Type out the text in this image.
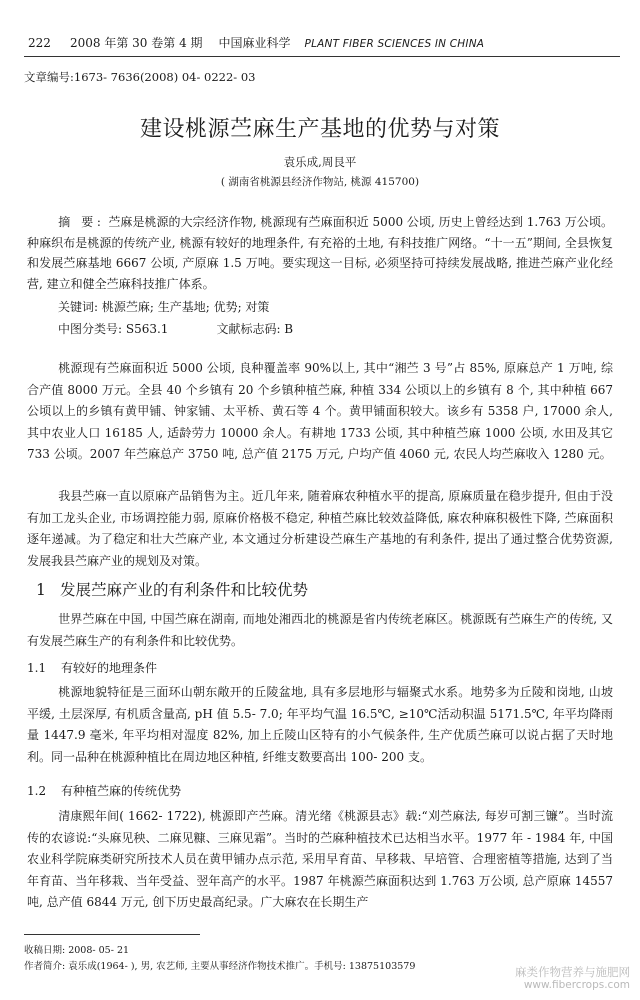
222	2008 年第 30 卷第 4 期 中国麻业科学 PLANT FIBER SCIENCES IN CHINA
文章编号:1673- 7636(2008) 04- 0222- 03
建设桃源苎麻生产基地的优势与对策
袁乐成,周艮平
( 湖南省桃源县经济作物站, 桃源 415700)

摘 要: 苎麻是桃源的大宗经济作物, 桃源现有苎麻面积近 5000 公顷, 历史上曾经达到 1.763 万公顷。种麻织布是桃源的传统产业, 桃源有较好的地理条件, 有充裕的土地, 有科技推广网络。“十一五”期间, 全县恢复和发展苎麻基地 6667 公顷, 产原麻 1.5 万吨。要实现这一目标, 必须坚持可持续发展战略, 推进苎麻产业化经营, 建立和健全苎麻科技推广体系。

关键词: 桃源苎麻; 生产基地; 优势; 对策
中图分类号: S563.1	文献标志码: B

桃源现有苎麻面积近 5000 公顷, 良种覆盖率 90%以上, 其中“湘苎 3 号”占 85%, 原麻总产 1 万吨, 综合产值 8000 万元。全县 40 个乡镇有 20 个乡镇种植苎麻, 种植 334 公顷以上的乡镇有 8 个, 其中种植 667 公顷以上的乡镇有黄甲铺、钟家铺、太平桥、黄石等 4 个。黄甲铺面积较大。该乡有 5358 户, 17000 余人, 其中农业人口 16185 人, 适龄劳力 10000 余人。有耕地 1733 公顷, 其中种植苎麻 1000 公顷, 水田及其它 733 公顷。2007 年苎麻总产 3750 吨, 总产值 2175 万元, 户均产值 4060 元, 农民人均苎麻收入 1280 元。

我县苎麻一直以原麻产品销售为主。近几年来, 随着麻农种植水平的提高, 原麻质量在稳步提升, 但由于没有加工龙头企业, 市场调控能力弱, 原麻价格极不稳定, 种植苎麻比较效益降低, 麻农种麻积极性下降, 苎麻面积逐年递减。为了稳定和壮大苎麻产业, 本文通过分析建设苎麻生产基地的有利条件, 提出了通过整合优势资源, 发展我县苎麻产业的规划及对策。

1 发展苎麻产业的有利条件和比较优势

世界苎麻在中国, 中国苎麻在湖南, 而地处湘西北的桃源是省内传统老麻区。桃源既有苎麻生产的传统, 又有发展苎麻生产的有利条件和比较优势。

1.1 有较好的地理条件

桃源地貌特征是三面环山朝东敞开的丘陵盆地, 具有多层地形与辐聚式水系。地势多为丘陵和岗地, 山坡平缓, 土层深厚, 有机质含量高, pH 值 5.5- 7.0; 年平均气温 16.5℃, ≥10℃活动积温 5171.5℃, 年平均降雨量 1447.9 毫米, 年平均相对湿度 82%, 加上丘陵山区特有的小气候条件, 生产优质苎麻可以说占据了天时地利。同一品种在桃源种植比在周边地区种植, 纤维支数要高出 100- 200 支。

1.2 有种植苎麻的传统优势

清康熙年间( 1662- 1722), 桃源即产苎麻。清光绪《桃源县志》载:“刈苎麻法, 每岁可割三镰”。当时流传的农谚说:“头麻见秧、二麻见糠、三麻见霜”。当时的苎麻种植技术已达相当水平。1977 年 - 1984 年, 中国农业科学院麻类研究所技术人员在黄甲铺办点示范, 采用早育苗、早移栽、早培管、合理密植等措施, 达到了当年育苗、当年移栽、当年受益、翌年高产的水平。1987 年桃源苎麻面积达到 1.763 万公顷, 总产原麻 14557 吨, 总产值 6844 万元, 创下历史最高纪录。广大麻农在长期生产

收稿日期: 2008- 05- 21
作者简介: 袁乐成(1964- ), 男, 农艺师, 主要从事经济作物技术推广。手机号: 13875103579	麻类作物营养与施肥网
www.fibercrops.com
